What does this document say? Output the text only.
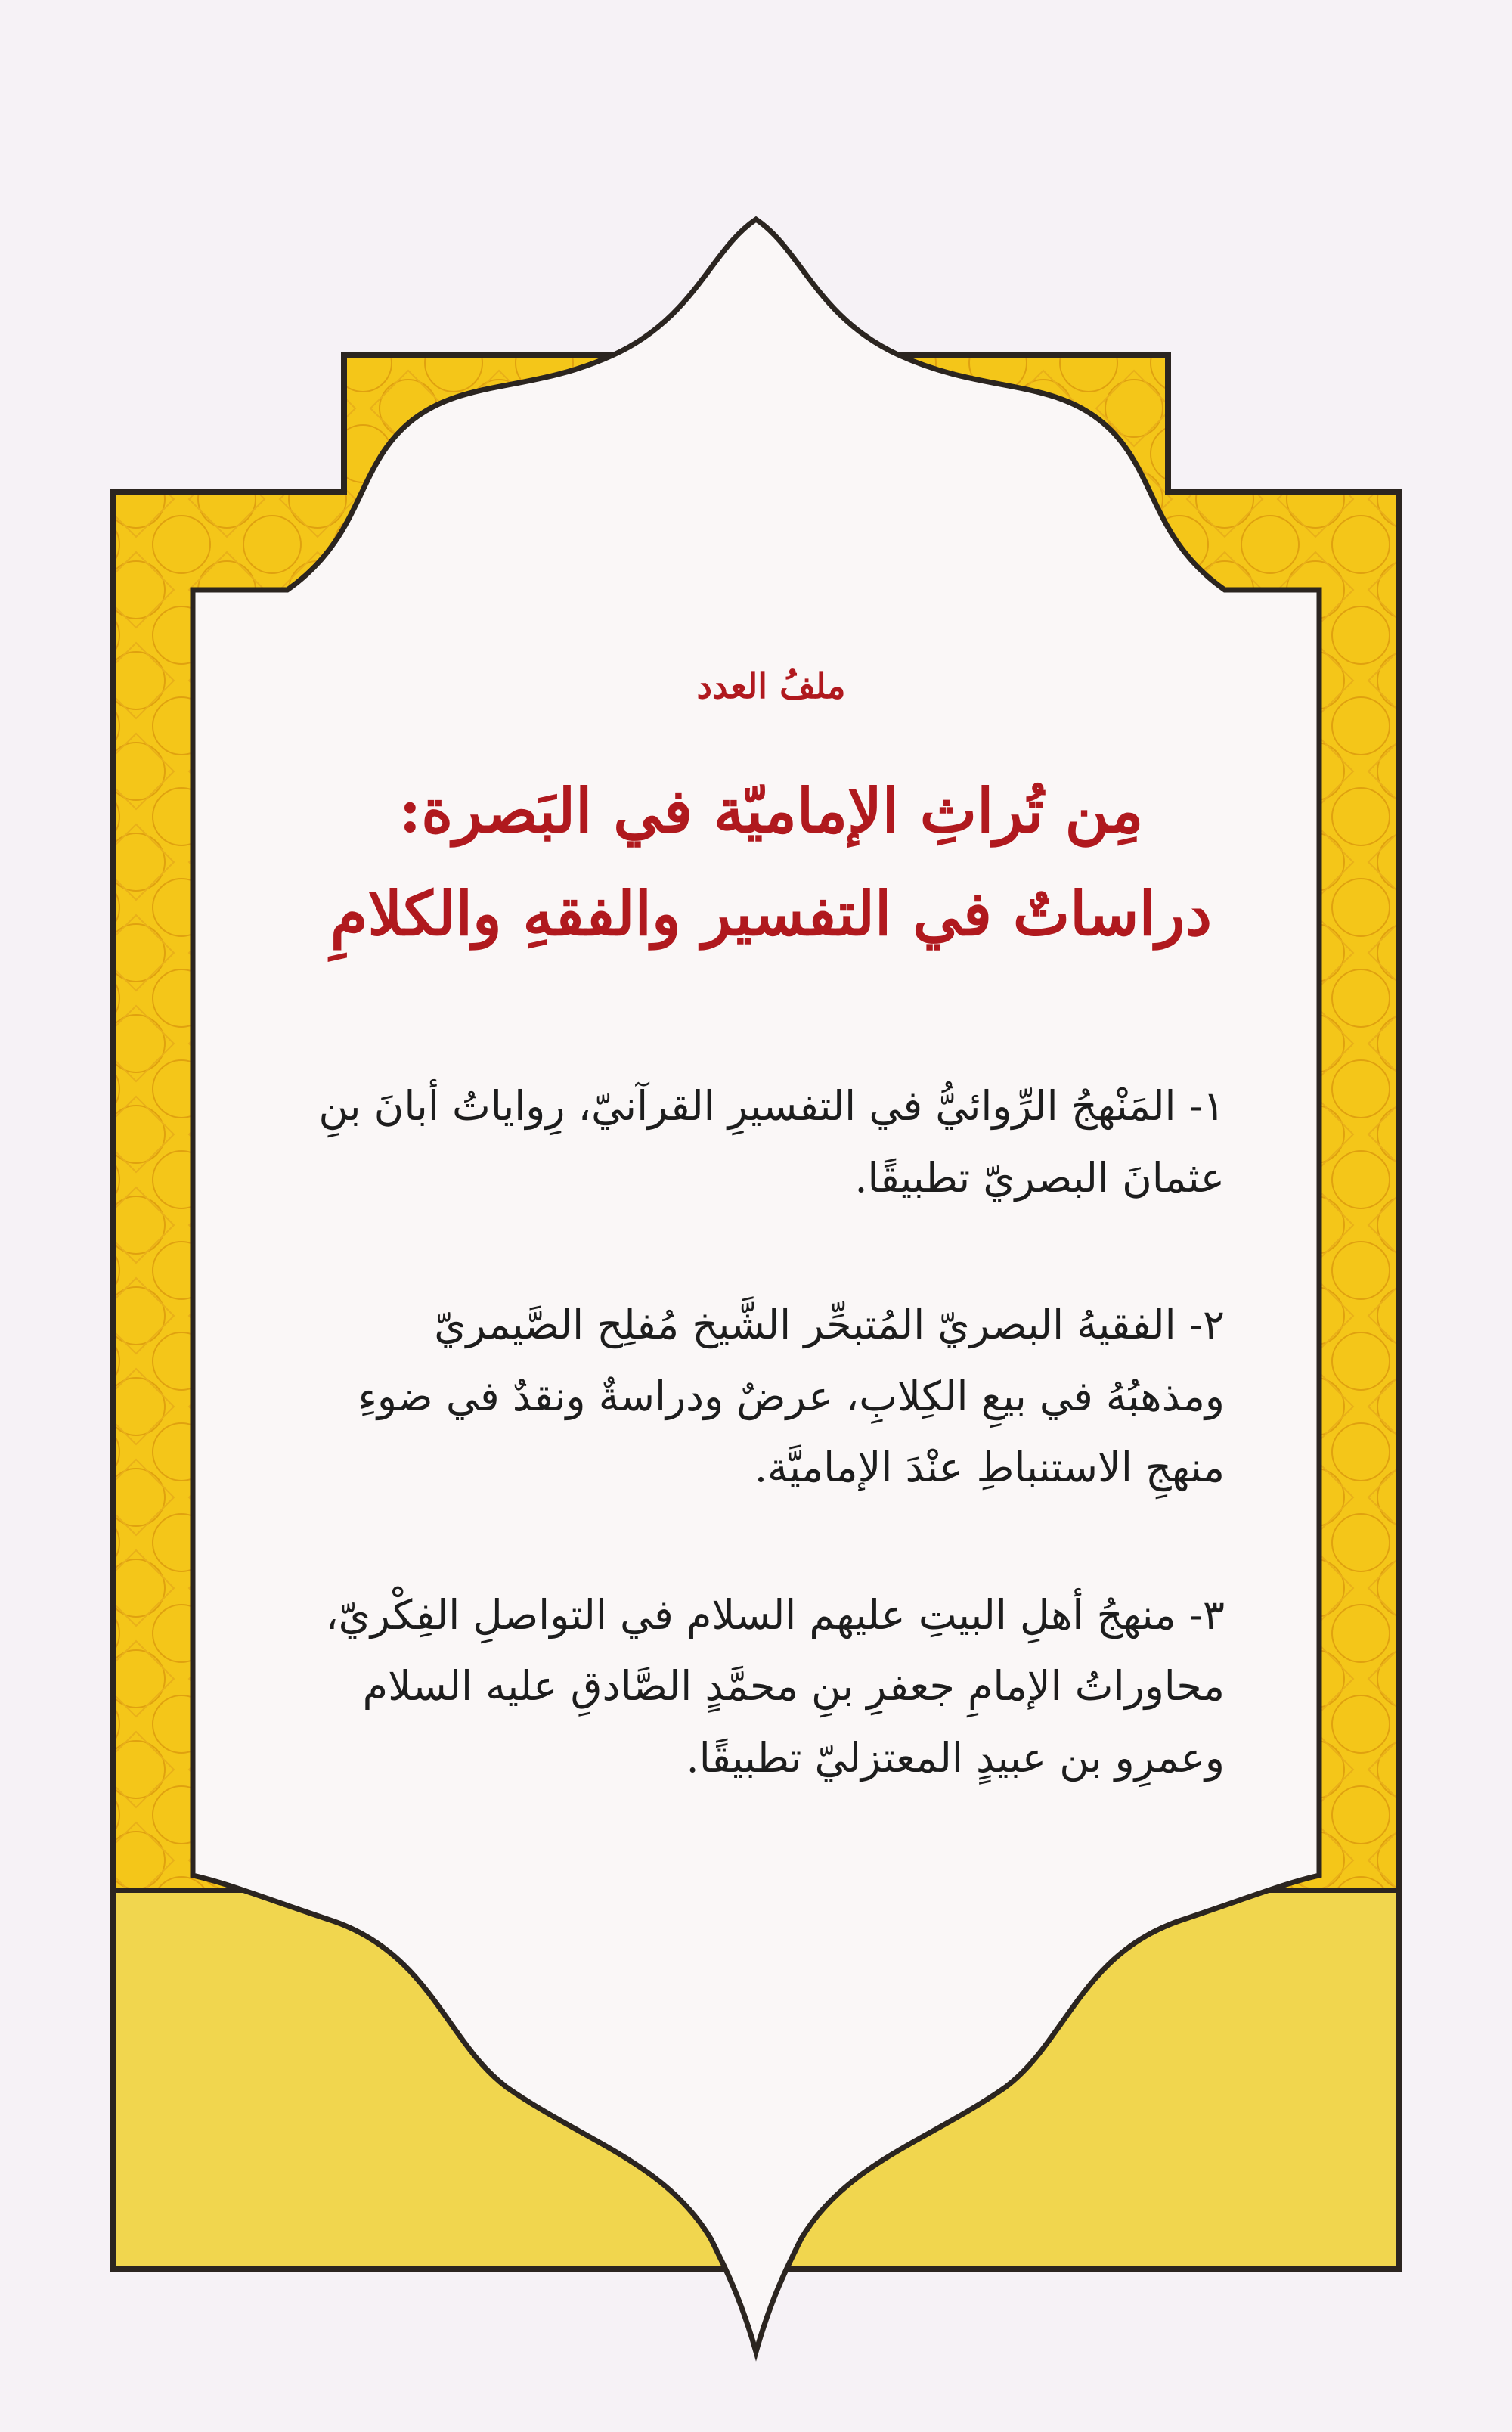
ملفُ العدد

مِن تُراثِ الإماميّة في البَصرة:

دراساتٌ في التفسير والفقهِ والكلامِ

١- المَنْهجُ الرِّوائيُّ في التفسيرِ القرآنيّ، رِواياتُ أبانَ بنِ عثمانَ البصريّ تطبيقًا.

٢- الفقيهُ البصريّ المُتبحِّر الشَّيخ مُفلِح الصَّيمريّ ومذهبُهُ في بيعِ الكِلابِ، عرضٌ ودراسةٌ ونقدٌ في ضوءِ منهجِ الاستنباطِ عنْدَ الإماميَّة.

٣- منهجُ أهلِ البيتِ عليهم السلام في التواصلِ الفِكْريّ، محاوراتُ الإمامِ جعفرِ بنِ محمَّدٍ الصَّادقِ عليه السلام وعمرِو بن عبيدٍ المعتزليّ تطبيقًا.
